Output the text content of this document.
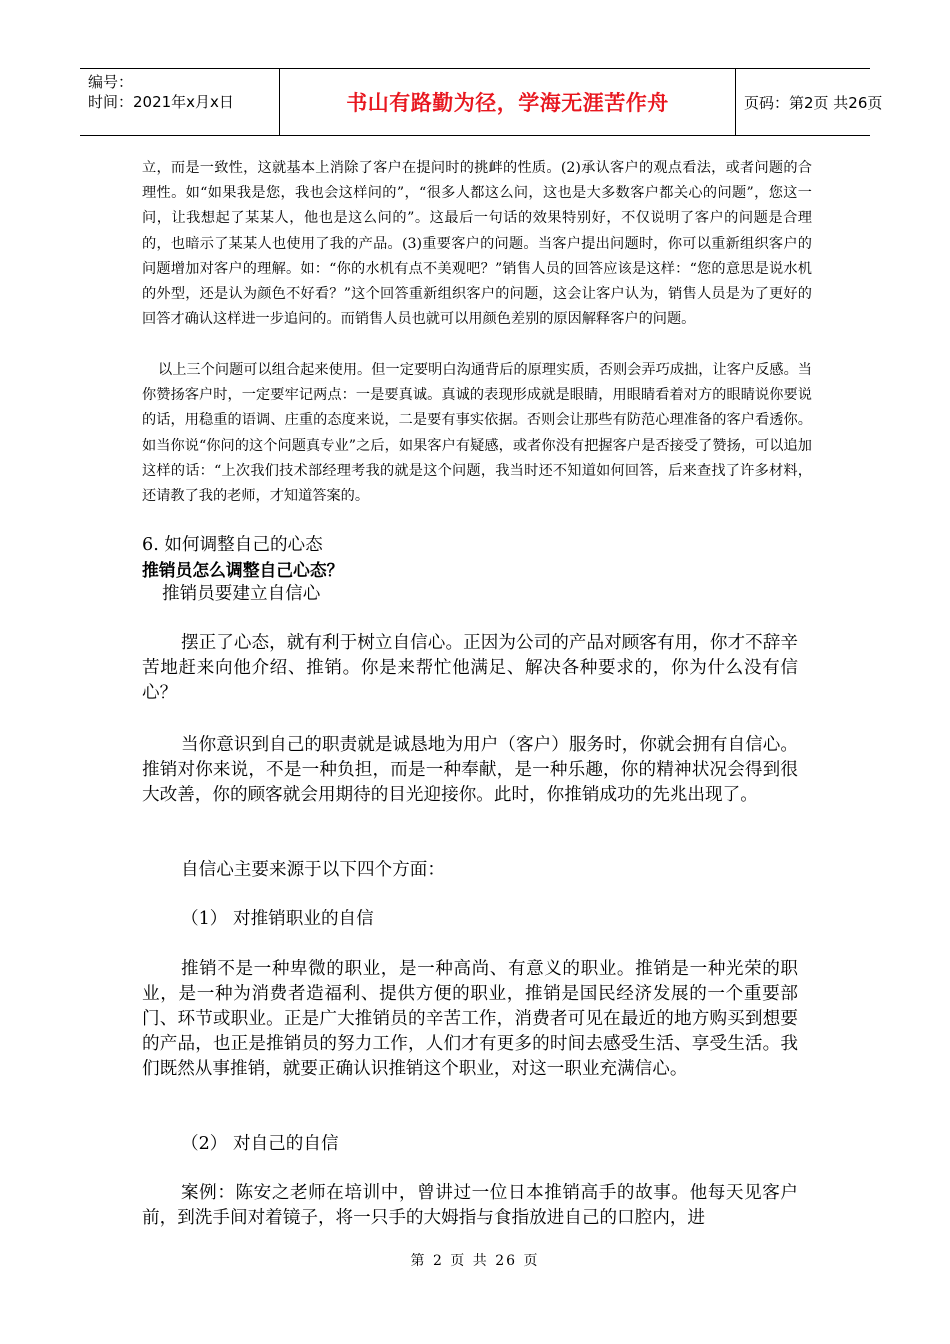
编号：
时间：2021年x月x日	书山有路勤为径，学海无涯苦作舟	页码：第2页 共26页

立，而是一致性，这就基本上消除了客户在提问时的挑衅的性质。(2)承认客户的观点看法，或者问题的合理性。如“如果我是您，我也会这样问的”，“很多人都这么问，这也是大多数客户都关心的问题”，您这一问，让我想起了某某人，他也是这么问的”。这最后一句话的效果特别好，不仅说明了客户的问题是合理的，也暗示了某某人也使用了我的产品。(3)重要客户的问题。当客户提出问题时，你可以重新组织客户的问题增加对客户的理解。如：“你的水机有点不美观吧？”销售人员的回答应该是这样：“您的意思是说水机的外型，还是认为颜色不好看？”这个回答重新组织客户的问题，这会让客户认为，销售人员是为了更好的回答才确认这样进一步追问的。而销售人员也就可以用颜色差别的原因解释客户的问题。

以上三个问题可以组合起来使用。但一定要明白沟通背后的原理实质，否则会弄巧成拙，让客户反感。当你赞扬客户时，一定要牢记两点：一是要真诚。真诚的表现形成就是眼睛，用眼睛看着对方的眼睛说你要说的话，用稳重的语调、庄重的态度来说，二是要有事实依据。否则会让那些有防范心理准备的客户看透你。如当你说“你问的这个问题真专业”之后，如果客户有疑感，或者你没有把握客户是否接受了赞扬，可以追加这样的话：“上次我们技术部经理考我的就是这个问题，我当时还不知道如何回答，后来查找了许多材料，还请教了我的老师，才知道答案的。

6. 如何调整自己的心态

推销员怎么调整自己心态？

推销员要建立自信心

摆正了心态，就有利于树立自信心。正因为公司的产品对顾客有用，你才不辞辛苦地赶来向他介绍、推销。你是来帮忙他满足、解决各种要求的，你为什么没有信心？

当你意识到自己的职责就是诚恳地为用户（客户）服务时，你就会拥有自信心。推销对你来说，不是一种负担，而是一种奉献，是一种乐趣，你的精神状况会得到很大改善，你的顾客就会用期待的目光迎接你。此时，你推销成功的先兆出现了。

自信心主要来源于以下四个方面：

（1） 对推销职业的自信

推销不是一种卑微的职业，是一种高尚、有意义的职业。推销是一种光荣的职业，是一种为消费者造福利、提供方便的职业，推销是国民经济发展的一个重要部门、环节或职业。正是广大推销员的辛苦工作，消费者可见在最近的地方购买到想要的产品，也正是推销员的努力工作，人们才有更多的时间去感受生活、享受生活。我们既然从事推销，就要正确认识推销这个职业，对这一职业充满信心。

（2） 对自己的自信

案例：陈安之老师在培训中，曾讲过一位日本推销高手的故事。他每天见客户前，到洗手间对着镜子，将一只手的大姆指与食指放进自己的口腔内，进

第 2 页 共 26 页
